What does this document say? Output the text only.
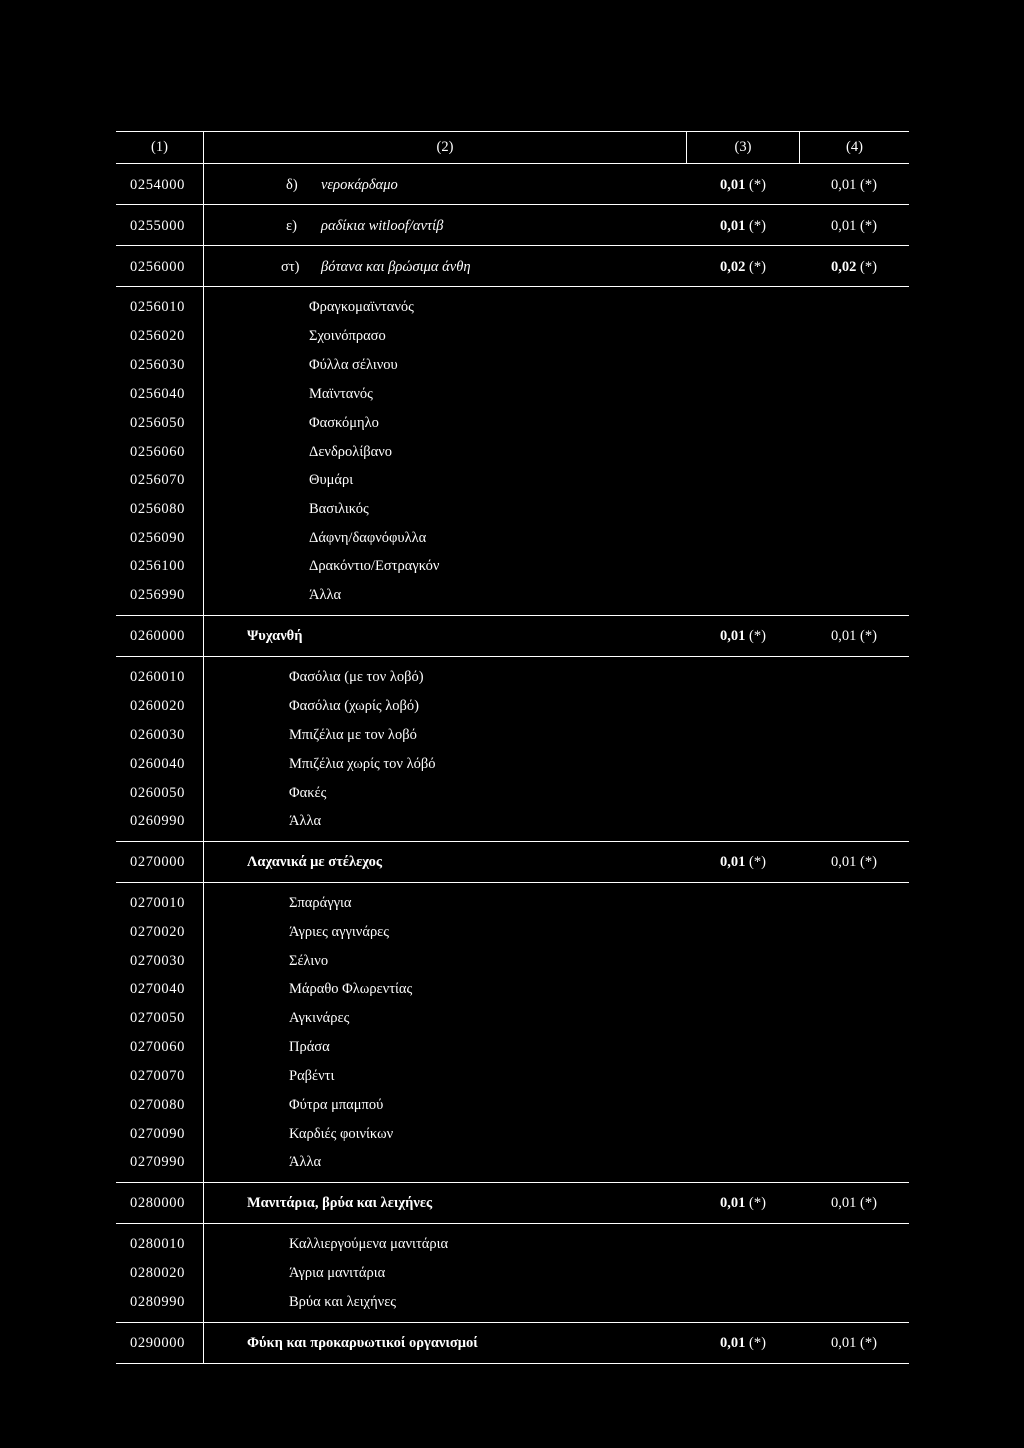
(1)	(2)	(3)	(4)
0254000	δ) νεροκάρδαμο	0,01 (*)	0,01 (*)
0255000	ε) ραδίκια witloof/αντίβ	0,01 (*)	0,01 (*)
0256000	στ) βότανα και βρώσιμα άνθη	0,02 (*)	0,02 (*)
0256010	Φραγκομαϊντανός
0256020	Σχοινόπρασο
0256030	Φύλλα σέλινου
0256040	Μαϊντανός
0256050	Φασκόμηλο
0256060	Δενδρολίβανο
0256070	Θυμάρι
0256080	Βασιλικός
0256090	Δάφνη/δαφνόφυλλα
0256100	Δρακόντιο/Εστραγκόν
0256990	Άλλα
0260000	Ψυχανθή	0,01 (*)	0,01 (*)
0260010	Φασόλια (με τον λοβό)
0260020	Φασόλια (χωρίς λοβό)
0260030	Μπιζέλια με τον λοβό
0260040	Μπιζέλια χωρίς τον λόβό
0260050	Φακές
0260990	Άλλα
0270000	Λαχανικά με στέλεχος	0,01 (*)	0,01 (*)
0270010	Σπαράγγια
0270020	Άγριες αγγινάρες
0270030	Σέλινο
0270040	Μάραθο Φλωρεντίας
0270050	Αγκινάρες
0270060	Πράσα
0270070	Ραβέντι
0270080	Φύτρα μπαμπού
0270090	Καρδιές φοινίκων
0270990	Άλλα
0280000	Μανιτάρια, βρύα και λειχήνες	0,01 (*)	0,01 (*)
0280010	Καλλιεργούμενα μανιτάρια
0280020	Άγρια μανιτάρια
0280990	Βρύα και λειχήνες
0290000	Φύκη και προκαρυωτικοί οργανισμοί	0,01 (*)	0,01 (*)
